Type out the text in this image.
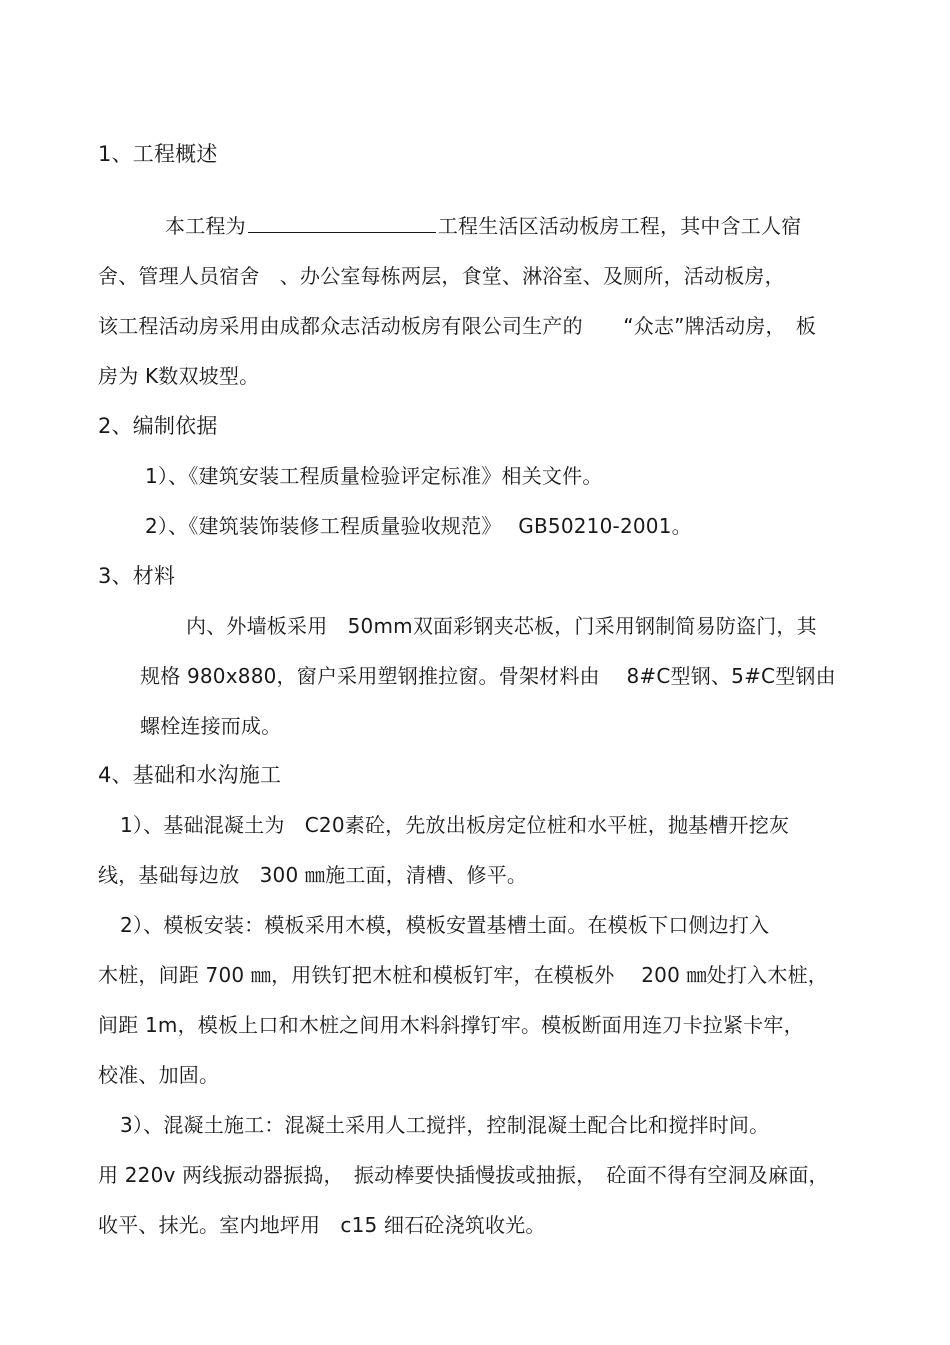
1、工程概述
本工程为	工程生活区活动板房工程，其中含工人宿
舍、管理人员宿舍　、办公室每栋两层，食堂、淋浴室、及厕所，活动板房，
该工程活动房采用由成都众志活动板房有限公司生产的　　“众志”牌活动房，　板
房为 K数双坡型。
2、编制依据
1）、《建筑安装工程质量检验评定标准》相关文件。
2）、《建筑装饰装修工程质量验收规范》　 GB50210-2001。
3、材料
内、外墙板采用　50mm双面彩钢夹芯板，门采用钢制简易防盗门，其
规格 980x880，窗户采用塑钢推拉窗。骨架材料由　 8#C型钢、5#C型钢由
螺栓连接而成。
4、基础和水沟施工
1）、基础混凝土为　C20素砼，先放出板房定位桩和水平桩，抛基槽开挖灰
线，基础每边放　300 ㎜施工面，清槽、修平。
2）、模板安装：模板采用木模，模板安置基槽土面。在模板下口侧边打入
木桩，间距 700 ㎜，用铁钉把木桩和模板钉牢，在模板外　 200 ㎜处打入木桩，
间距 1m，模板上口和木桩之间用木料斜撑钉牢。模板断面用连刀卡拉紧卡牢，
校准、加固。
3）、混凝土施工：混凝土采用人工搅拌，控制混凝土配合比和搅拌时间。
用 220v 两线振动器振捣，　振动棒要快插慢拔或抽振，　砼面不得有空洞及麻面，
收平、抹光。室内地坪用　c15 细石砼浇筑收光。
